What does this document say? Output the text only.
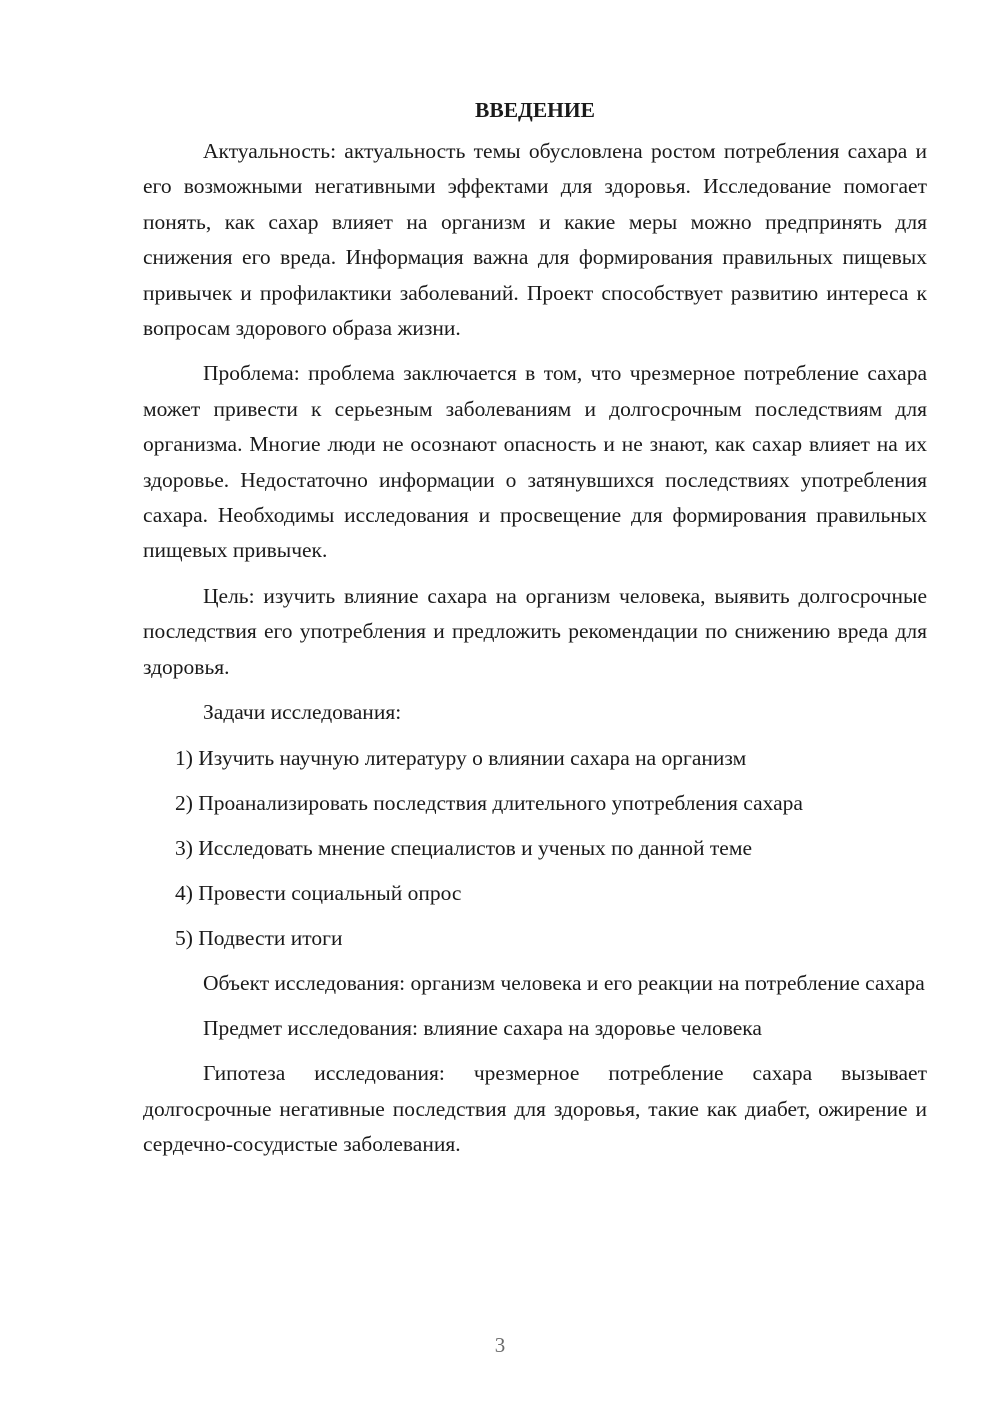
ВВЕДЕНИЕ

Актуальность: актуальность темы обусловлена ростом потребления сахара и его возможными негативными эффектами для здоровья. Исследование помогает понять, как сахар влияет на организм и какие меры можно предпринять для снижения его вреда. Информация важна для формирования правильных пищевых привычек и профилактики заболеваний. Проект способствует развитию интереса к вопросам здорового образа жизни.

Проблема: проблема заключается в том, что чрезмерное потребление сахара может привести к серьезным заболеваниям и долгосрочным последствиям для организма. Многие люди не осознают опасность и не знают, как сахар влияет на их здоровье. Недостаточно информации о затянувшихся последствиях употребления сахара. Необходимы исследования и просвещение для формирования правильных пищевых привычек.

Цель: изучить влияние сахара на организм человека, выявить долгосрочные последствия его употребления и предложить рекомендации по снижению вреда для здоровья.

Задачи исследования:

1) Изучить научную литературу о влиянии сахара на организм
2) Проанализировать последствия длительного употребления сахара
3) Исследовать мнение специалистов и ученых по данной теме
4) Провести социальный опрос
5) Подвести итоги

Объект исследования: организм человека и его реакции на потребление сахара

Предмет исследования: влияние сахара на здоровье человека

Гипотеза исследования: чрезмерное потребление сахара вызывает долгосрочные негативные последствия для здоровья, такие как диабет, ожирение и сердечно-сосудистые заболевания.

3
